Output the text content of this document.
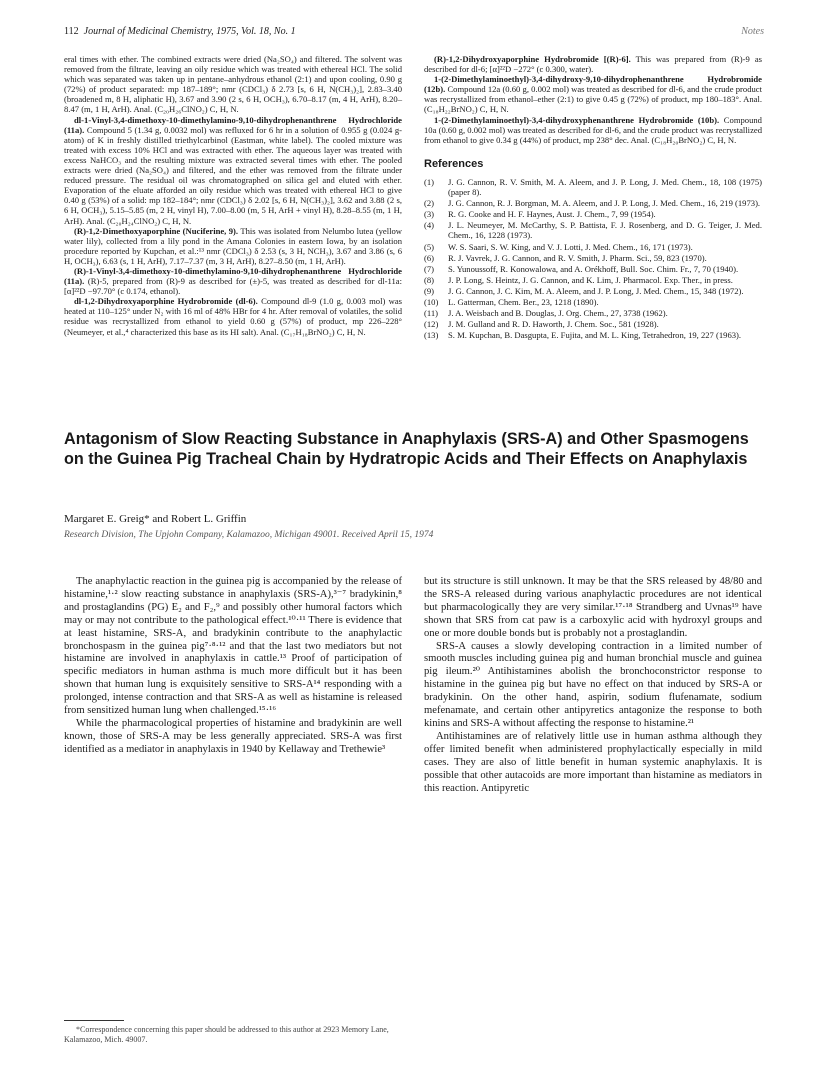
112 Journal of Medicinal Chemistry, 1975, Vol. 18, No. 1	Notes

eral times with ether. The combined extracts were dried (Na₂SO₄) and filtered. The solvent was removed from the filtrate, leaving an oily residue which was treated with ethereal HCl. The solid which was separated was taken up in pentane–anhydrous ethanol (2:1) and upon cooling, 0.90 g (72%) of product separated: mp 187–189°; nmr (CDCl₃) δ 2.73 [s, 6 H, N(CH₃)₂], 2.83–3.40 (broadened m, 8 H, aliphatic H), 3.67 and 3.90 (2 s, 6 H, OCH₃), 6.70–8.17 (m, 4 H, ArH), 8.20–8.47 (m, 1 H, ArH). Anal. (C₂₀H₂₆ClNO₂) C, H, N.

dl-1-Vinyl-3,4-dimethoxy-10-dimethylamino-9,10-dihydrophenanthrene Hydrochloride (11a). Compound 5 (1.34 g, 0.0032 mol) was refluxed for 6 hr in a solution of 0.955 g (0.024 g-atom) of K in freshly distilled triethylcarbinol (Eastman, white label). The cooled mixture was treated with excess 10% HCl and was extracted with ether. The aqueous layer was treated with excess NaHCO₃ and the resulting mixture was extracted several times with ether. The pooled extracts were dried (Na₂SO₄) and filtered, and the ether was removed from the filtrate under reduced pressure. The residual oil was chromatographed on silica gel and eluted with ether. Evaporation of the eluate afforded an oily residue which was treated with ethereal HCl to give 0.40 g (53%) of a solid: mp 182–184°; nmr (CDCl₃) δ 2.02 [s, 6 H, N(CH₃)₂], 3.62 and 3.88 (2 s, 6 H, OCH₃), 5.15–5.85 (m, 2 H, vinyl H), 7.00–8.00 (m, 5 H, ArH + vinyl H), 8.28–8.55 (m, 1 H, ArH). Anal. (C₂₀H₂₄ClNO₂) C, H, N.

(R)-1,2-Dimethoxyaporphine (Nuciferine, 9). This was isolated from Nelumbo lutea (yellow water lily), collected from a lily pond in the Amana Colonies in eastern Iowa, by an isolation procedure reported by Kupchan, et al.:¹³ nmr (CDCl₃) δ 2.53 (s, 3 H, NCH₃), 3.67 and 3.86 (s, 6 H, OCH₃), 6.63 (s, 1 H, ArH), 7.17–7.37 (m, 3 H, ArH), 8.27–8.50 (m, 1 H, ArH).

(R)-1-Vinyl-3,4-dimethoxy-10-dimethylamino-9,10-dihydrophenanthrene Hydrochloride (11a). (R)-5, prepared from (R)-9 as described for (±)-5, was treated as described for dl-11a: [α]²²D −97.70° (c 0.174, ethanol).

dl-1,2-Dihydroxyaporphine Hydrobromide (dl-6). Compound dl-9 (1.0 g, 0.003 mol) was heated at 110–125° under N₂ with 16 ml of 48% HBr for 4 hr. After removal of volatiles, the solid residue was recrystallized from ethanol to yield 0.60 g (57%) of product, mp 226–228° (Neumeyer, et al.,⁴ characterized this base as its HI salt). Anal. (C₁₇H₁₈BrNO₂) C, H, N.

(R)-1,2-Dihydroxyaporphine Hydrobromide [(R)-6]. This was prepared from (R)-9 as described for dl-6; [α]²²D −272° (c 0.300, water).

1-(2-Dimethylaminoethyl)-3,4-dihydroxy-9,10-dihydrophenanthrene Hydrobromide (12b). Compound 12a (0.60 g, 0.002 mol) was treated as described for dl-6, and the crude product was recrystallized from ethanol–ether (2:1) to give 0.45 g (72%) of product, mp 180–183°. Anal. (C₁₈H₂₂BrNO₂) C, H, N.

1-(2-Dimethylaminoethyl)-3,4-dihydroxyphenanthrene Hydrobromide (10b). Compound 10a (0.60 g, 0.002 mol) was treated as described for dl-6, and the crude product was recrystallized from ethanol to give 0.34 g (44%) of product, mp 238° dec. Anal. (C₁₈H₂₀BrNO₂) C, H, N.

References
(1) J. G. Cannon, R. V. Smith, M. A. Aleem, and J. P. Long, J. Med. Chem., 18, 108 (1975) (paper 8).
(2) J. G. Cannon, R. J. Borgman, M. A. Aleem, and J. P. Long, J. Med. Chem., 16, 219 (1973).
(3) R. G. Cooke and H. F. Haynes, Aust. J. Chem., 7, 99 (1954).
(4) J. L. Neumeyer, M. McCarthy, S. P. Battista, F. J. Rosenberg, and D. G. Teiger, J. Med. Chem., 16, 1228 (1973).
(5) W. S. Saari, S. W. King, and V. J. Lotti, J. Med. Chem., 16, 171 (1973).
(6) R. J. Vavrek, J. G. Cannon, and R. V. Smith, J. Pharm. Sci., 59, 823 (1970).
(7) S. Yunoussoff, R. Konowalowa, and A. Orékhoff, Bull. Soc. Chim. Fr., 7, 70 (1940).
(8) J. P. Long, S. Heintz, J. G. Cannon, and K. Lim, J. Pharmacol. Exp. Ther., in press.
(9) J. G. Cannon, J. C. Kim, M. A. Aleem, and J. P. Long, J. Med. Chem., 15, 348 (1972).
(10) L. Gatterman, Chem. Ber., 23, 1218 (1890).
(11) J. A. Weisbach and B. Douglas, J. Org. Chem., 27, 3738 (1962).
(12) J. M. Gulland and R. D. Haworth, J. Chem. Soc., 581 (1928).
(13) S. M. Kupchan, B. Dasgupta, E. Fujita, and M. L. King, Tetrahedron, 19, 227 (1963).
Antagonism of Slow Reacting Substance in Anaphylaxis (SRS-A) and Other Spasmogens on the Guinea Pig Tracheal Chain by Hydratropic Acids and Their Effects on Anaphylaxis
Margaret E. Greig* and Robert L. Griffin
Research Division, The Upjohn Company, Kalamazoo, Michigan 49001. Received April 15, 1974

The anaphylactic reaction in the guinea pig is accompanied by the release of histamine,¹·² slow reacting substance in anaphylaxis (SRS-A),³⁻⁷ bradykinin,⁸ and prostaglandins (PG) E₂ and F₂,⁹ and possibly other humoral factors which may or may not contribute to the pathological effect.¹⁰·¹¹ There is evidence that at least histamine, SRS-A, and bradykinin contribute to the anaphylactic bronchospasm in the guinea pig⁷·⁸·¹² and that the last two mediators but not histamine are involved in anaphylaxis in cattle.¹³ Proof of participation of specific mediators in human asthma is much more difficult but it has been shown that human lung is exquisitely sensitive to SRS-A¹⁴ responding with a prolonged, intense contraction and that SRS-A as well as histamine is released from sensitized human lung when challenged.¹⁵·¹⁶

While the pharmacological properties of histamine and bradykinin are well known, those of SRS-A may be less generally appreciated. SRS-A was first identified as a mediator in anaphylaxis in 1940 by Kellaway and Trethewie³

but its structure is still unknown. It may be that the SRS released by 48/80 and the SRS-A released during various anaphylactic procedures are not identical but pharmacologically they are very similar.¹⁷·¹⁸ Strandberg and Uvnas¹⁹ have shown that SRS from cat paw is a carboxylic acid with hydroxyl groups and one or more double bonds but is probably not a prostaglandin.

SRS-A causes a slowly developing contraction in a limited number of smooth muscles including guinea pig and human bronchial muscle and guinea pig ileum.²⁰ Antihistamines abolish the bronchoconstrictor response to histamine in the guinea pig but have no effect on that induced by SRS-A or bradykinin. On the other hand, aspirin, sodium flufenamate, sodium mefenamate, and certain other antipyretics antagonize the response to both kinins and SRS-A without affecting the response to histamine.²¹

Antihistamines are of relatively little use in human asthma although they offer limited benefit when administered prophylactically especially in mild cases. They are also of little benefit in human systemic anaphylaxis. It is possible that other autacoids are more important than histamine as mediators in this reaction. Antipyretic

*Correspondence concerning this paper should be addressed to this author at 2923 Memory Lane, Kalamazoo, Mich. 49007.
